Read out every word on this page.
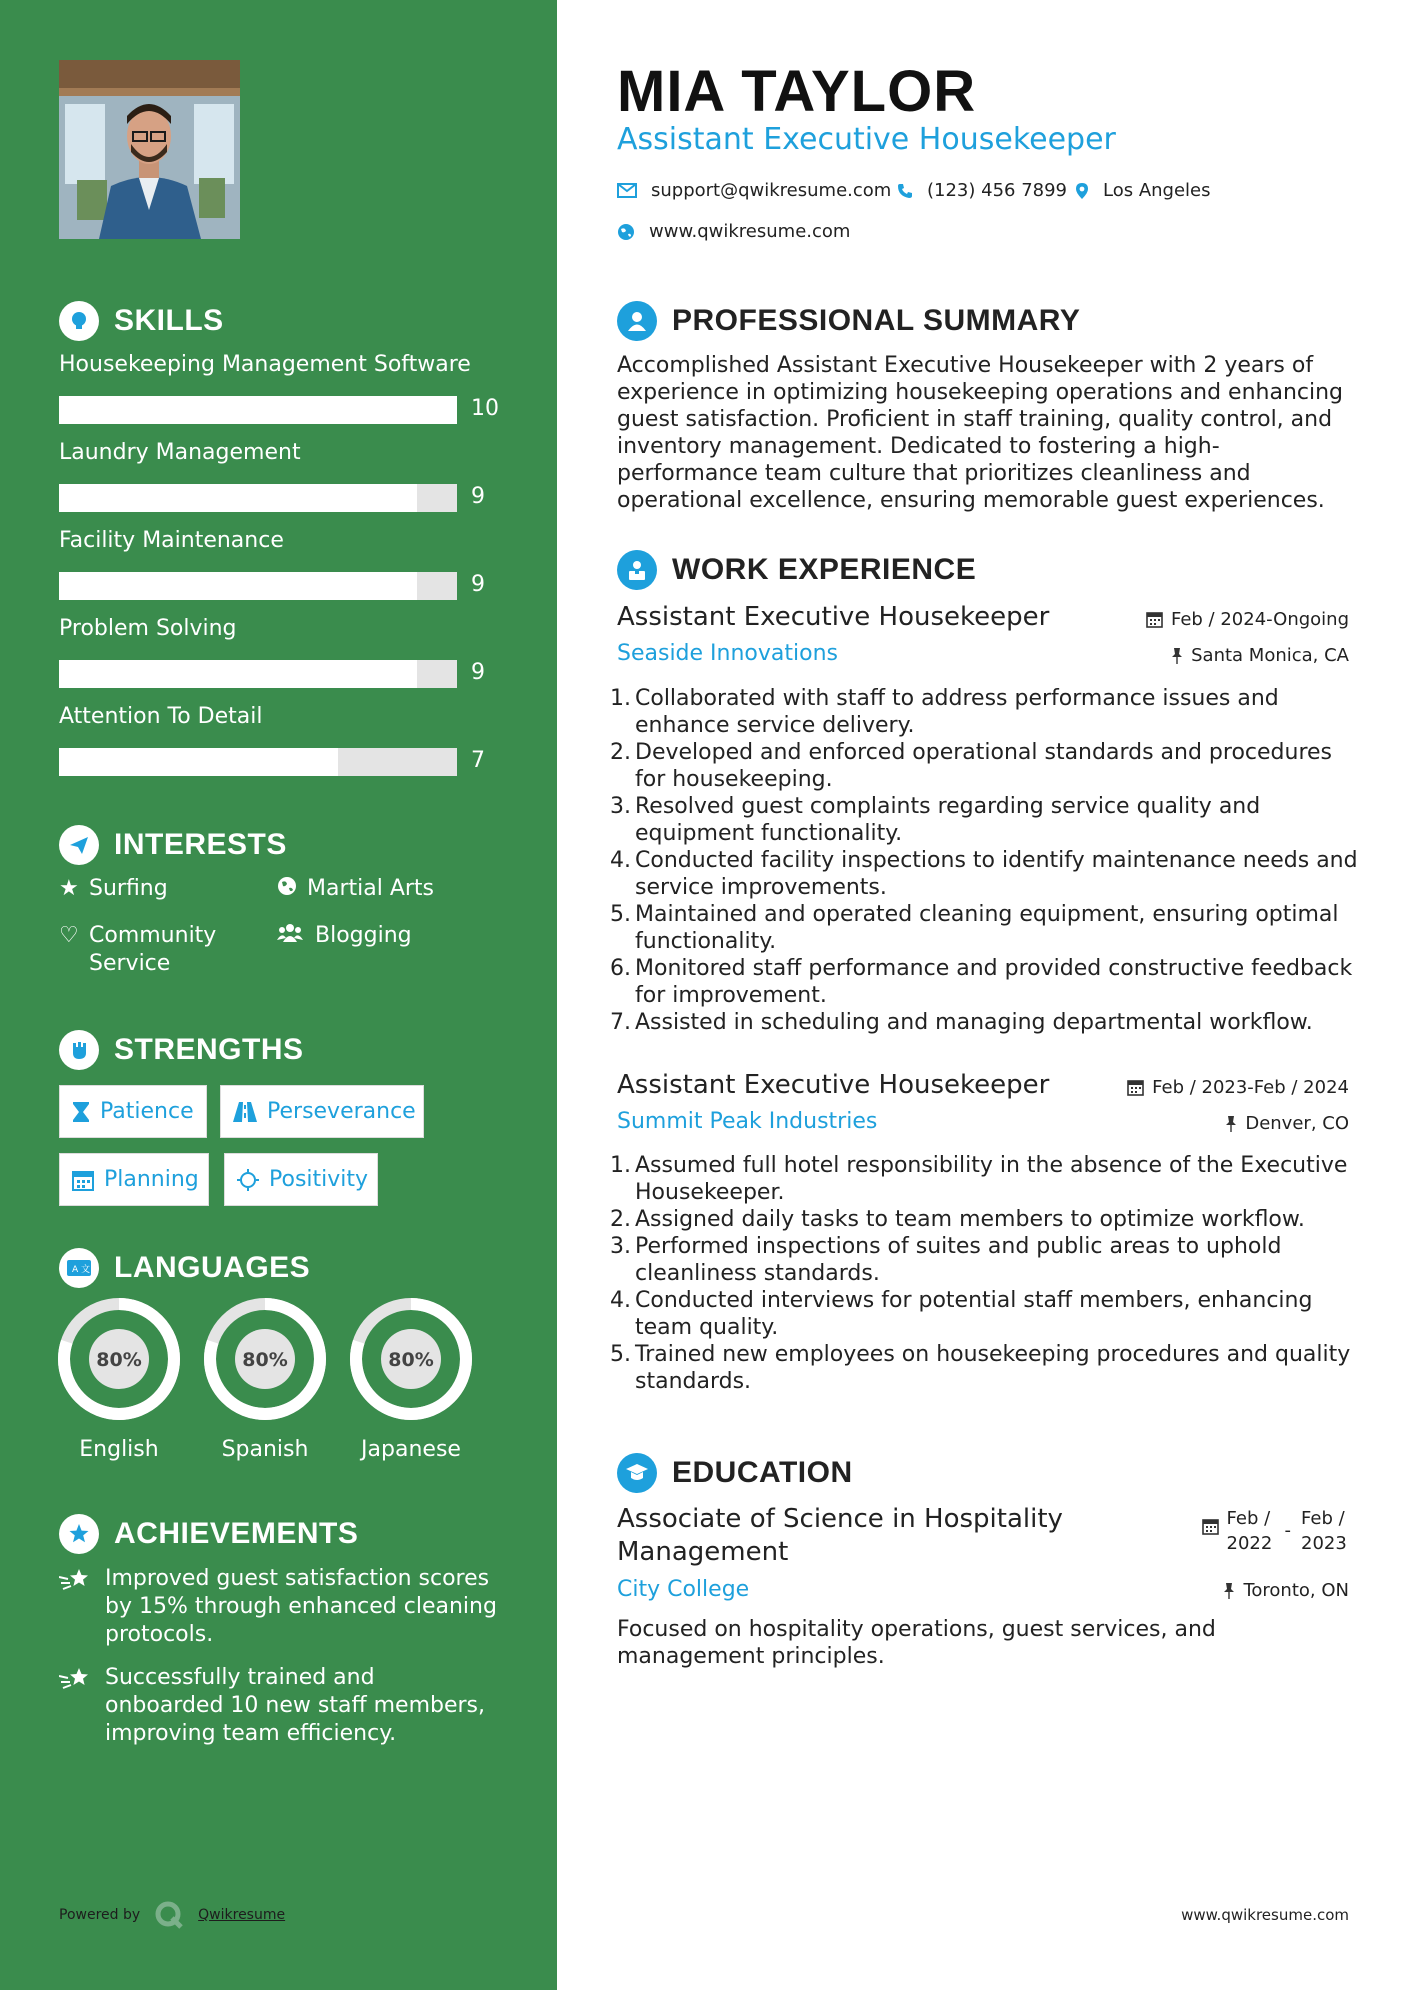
SKILLS
Housekeeping Management Software
10
Laundry Management
9
Facility Maintenance
9
Problem Solving
9
Attention To Detail
7
INTERESTS
★ Surfing	Martial Arts
♡ Community Service
Blogging
STRENGTHS
Patience	Perseverance
Planning	Positivity
A 文 LANGUAGES
80%
English
80%
Spanish
80%
Japanese
ACHIEVEMENTS
Improved guest satisfaction scores by 15% through enhanced cleaning protocols.
Successfully trained and onboarded 10 new staff members, improving team efficiency.
Powered by	Qwikresume
MIA TAYLOR
Assistant Executive Housekeeper
support@qwikresume.com (123) 456 7899 Los Angeles
www.qwikresume.com
PROFESSIONAL SUMMARY
Accomplished Assistant Executive Housekeeper with 2 years of experience in optimizing housekeeping operations and enhancing guest satisfaction. Proficient in staff training, quality control, and inventory management. Dedicated to fostering a high-performance team culture that prioritizes cleanliness and operational excellence, ensuring memorable guest experiences.
WORK EXPERIENCE
Assistant Executive Housekeeper	Feb / 2024-Ongoing
Seaside Innovations	Santa Monica, CA
1. Collaborated with staff to address performance issues and enhance service delivery.
2. Developed and enforced operational standards and procedures for housekeeping.
3. Resolved guest complaints regarding service quality and equipment functionality.
4. Conducted facility inspections to identify maintenance needs and service improvements.
5. Maintained and operated cleaning equipment, ensuring optimal functionality.
6. Monitored staff performance and provided constructive feedback for improvement.
7. Assisted in scheduling and managing departmental workflow.
Assistant Executive Housekeeper	Feb / 2023-Feb / 2024
Summit Peak Industries	Denver, CO
1. Assumed full hotel responsibility in the absence of the Executive Housekeeper.
2. Assigned daily tasks to team members to optimize workflow.
3. Performed inspections of suites and public areas to uphold cleanliness standards.
4. Conducted interviews for potential staff members, enhancing team quality.
5. Trained new employees on housekeeping procedures and quality standards.
EDUCATION
Associate of Science in Hospitality Management
Feb / 2022
-
Feb / 2023
City College	Toronto, ON
Focused on hospitality operations, guest services, and management principles.
www.qwikresume.com
